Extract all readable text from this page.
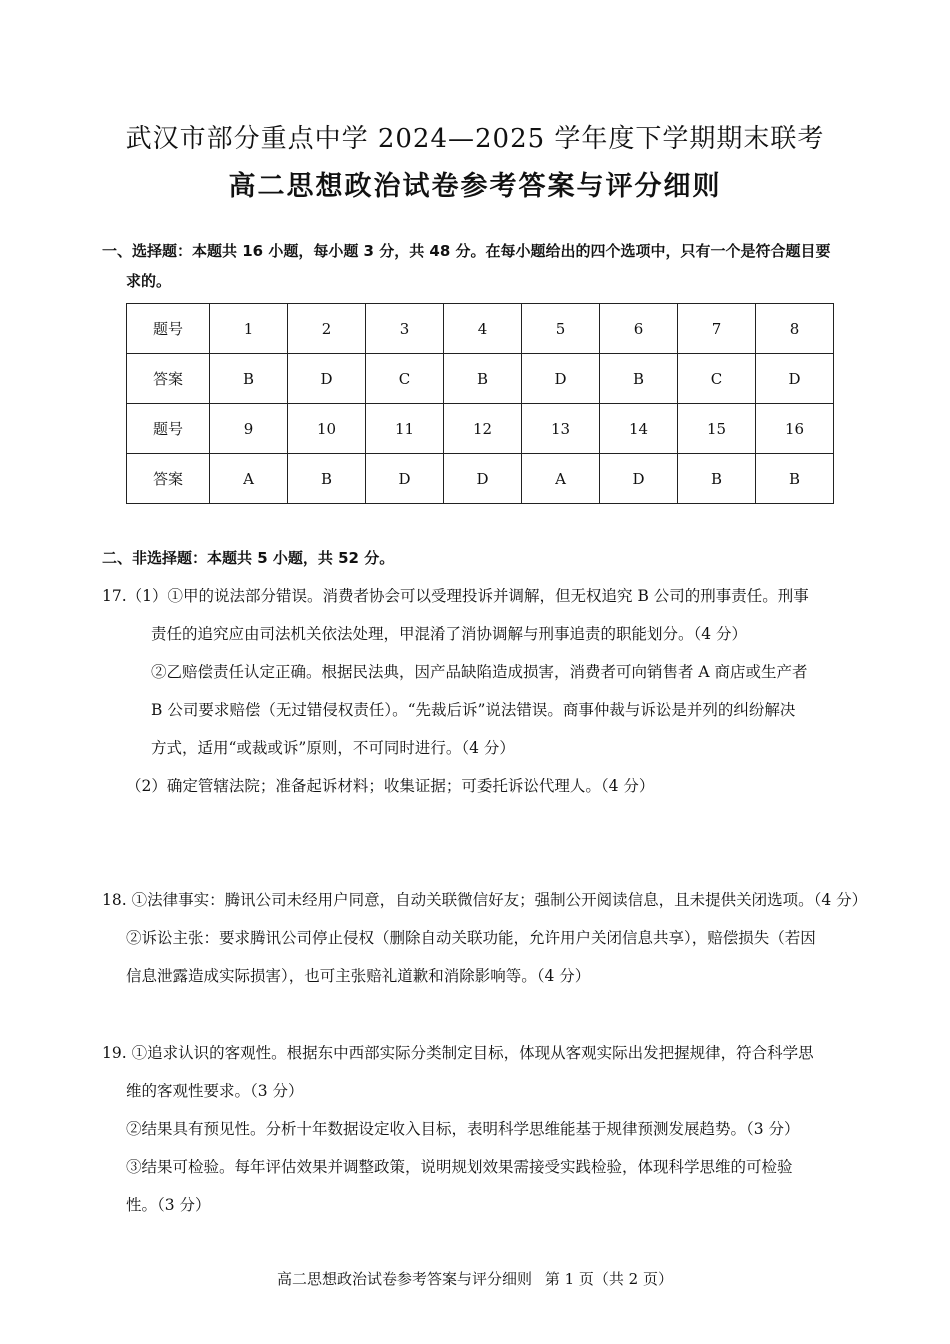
武汉市部分重点中学 2024—2025 学年度下学期期末联考
高二思想政治试卷参考答案与评分细则
一、选择题：本题共 16 小题，每小题 3 分，共 48 分。在每小题给出的四个选项中，只有一个是符合题目要
求的。
题号	1	2	3	4	5	6	7	8
答案	B	D	C	B	D	B	C	D
题号	9	10	11	12	13	14	15	16
答案	A	B	D	D	A	D	B	B
二、非选择题：本题共 5 小题，共 52 分。
17.（1）①甲的说法部分错误。消费者协会可以受理投诉并调解，但无权追究 B 公司的刑事责任。刑事
责任的追究应由司法机关依法处理，甲混淆了消协调解与刑事追责的职能划分。（4 分）
②乙赔偿责任认定正确。根据民法典，因产品缺陷造成损害，消费者可向销售者 A 商店或生产者
B 公司要求赔偿（无过错侵权责任）。“先裁后诉”说法错误。商事仲裁与诉讼是并列的纠纷解决
方式，适用“或裁或诉”原则，不可同时进行。（4 分）
（2）确定管辖法院；准备起诉材料；收集证据；可委托诉讼代理人。（4 分）
18. ①法律事实：腾讯公司未经用户同意，自动关联微信好友；强制公开阅读信息，且未提供关闭选项。（4 分）
②诉讼主张：要求腾讯公司停止侵权（删除自动关联功能，允许用户关闭信息共享），赔偿损失（若因
信息泄露造成实际损害），也可主张赔礼道歉和消除影响等。（4 分）
19. ①追求认识的客观性。根据东中西部实际分类制定目标，体现从客观实际出发把握规律，符合科学思
维的客观性要求。（3 分）
②结果具有预见性。分析十年数据设定收入目标，表明科学思维能基于规律预测发展趋势。（3 分）
③结果可检验。每年评估效果并调整政策，说明规划效果需接受实践检验，体现科学思维的可检验
性。（3 分）
高二思想政治试卷参考答案与评分细则 第 1 页（共 2 页）
